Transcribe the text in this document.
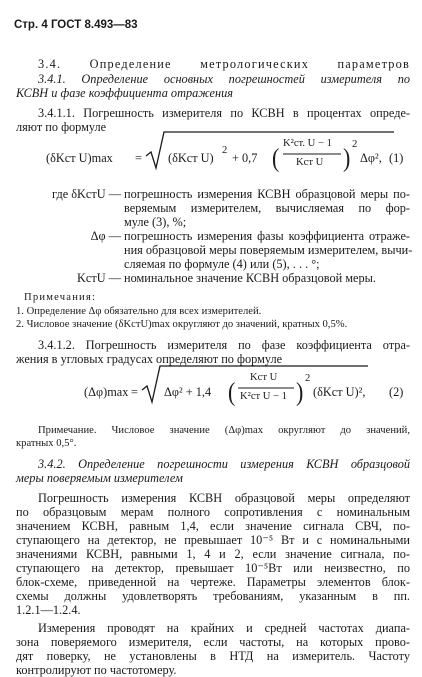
Стр. 4 ГОСТ 8.493—83
3.4. Определение метрологических параметров
3.4.1. Определение основных погрешностей измерителя по
КСВН и фазе коэффициента отражения
3.4.1.1. Погрешность измерителя по КСВН в процентах опреде-
ляют по формуле
(δKст U)max = (δKст U)
2
+ 0,7 ( K²ст. U − 1
Kст U ) 2
Δφ², (1)
где δKстU — погрешность измерения КСВН образцовой меры по-
веряемым измерителем, вычисляемая по фор-
муле (3), %;
Δφ — погрешность измерения фазы коэффициента отраже-
ния образцовой меры поверяемым измерителем, вычи-
сляемая по формуле (4) или (5), . . . °;
KстU — номинальное значение КСВН образцовой меры.
Примечания:
1. Определение Δφ обязательно для всех измерителей.
2. Числовое значение (δKстU)max округляют до значений, кратных 0,5%.
3.4.1.2. Погрешность измерителя по фазе коэффициента отра-
жения в угловых градусах определяют по формуле
(Δφ)max = Δφ² + 1,4 ( Kст U
K²ст U − 1 ) 2
(δKст U)², (2)
Примечание. Числовое значение (Δφ)max округляют до значений,
кратных 0,5°.
3.4.2. Определение погрешности измерения КСВН образцовой
меры поверяемым измерителем
Погрешность измерения КСВН образцовой меры определяют
по образцовым мерам полного сопротивления с номинальным
значением КСВН, равным 1,4, если значение сигнала СВЧ, по-
ступающего на детектор, не превышает 10⁻⁵ Вт и с номинальными
значениями КСВН, равными 1, 4 и 2, если значение сигнала, по-
ступающего на детектор, превышает 10⁻⁵Вт или неизвестно, по
блок-схеме, приведенной на чертеже. Параметры элементов блок-
схемы должны удовлетворять требованиям, указанным в пп.
1.2.1—1.2.4.
Измерения проводят на крайних и средней частотах диапа-
зона поверяемого измерителя, если частоты, на которых прово-
дят поверку, не установлены в НТД на измеритель. Частоту
контролируют по частотомеру.
